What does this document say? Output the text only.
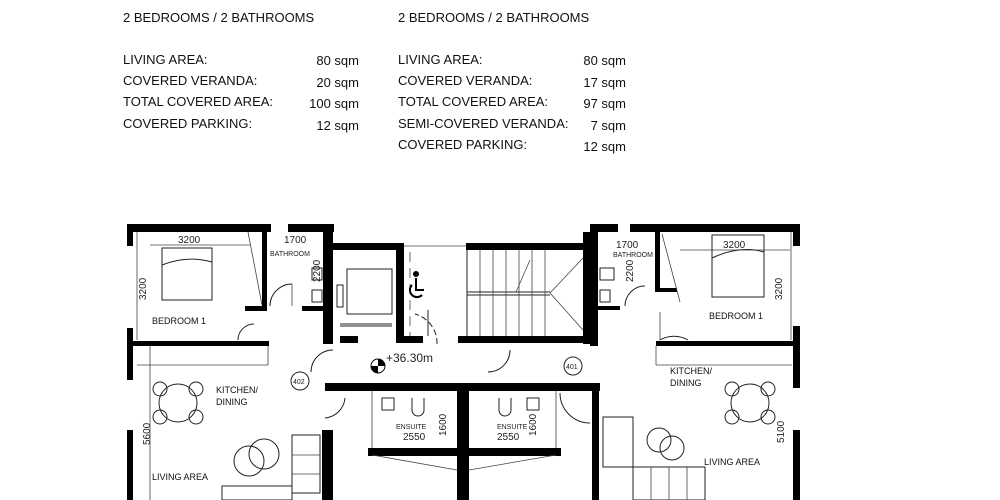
2 BEDROOMS / 2 BATHROOMS
LIVING AREA:	80 sqm
COVERED VERANDA:	20 sqm
TOTAL COVERED AREA:	100 sqm
COVERED PARKING:	12 sqm
2 BEDROOMS / 2 BATHROOMS
LIVING AREA:	80 sqm
COVERED VERANDA:	17 sqm
TOTAL COVERED AREA:	97 sqm
SEMI-COVERED VERANDA:	7 sqm
COVERED PARKING:	12 sqm
+36.30m
402
401
BEDROOM 1
BATHROOM
KITCHEN/
DINING
LIVING AREA
3200
3200
1700
2200
5600	ENSUITE
2550
1600
BEDROOM 1
BATHROOM
KITCHEN/
DINING
LIVING AREA
3200
3200
1700
2200
5100
ENSUITE
2550
1600
